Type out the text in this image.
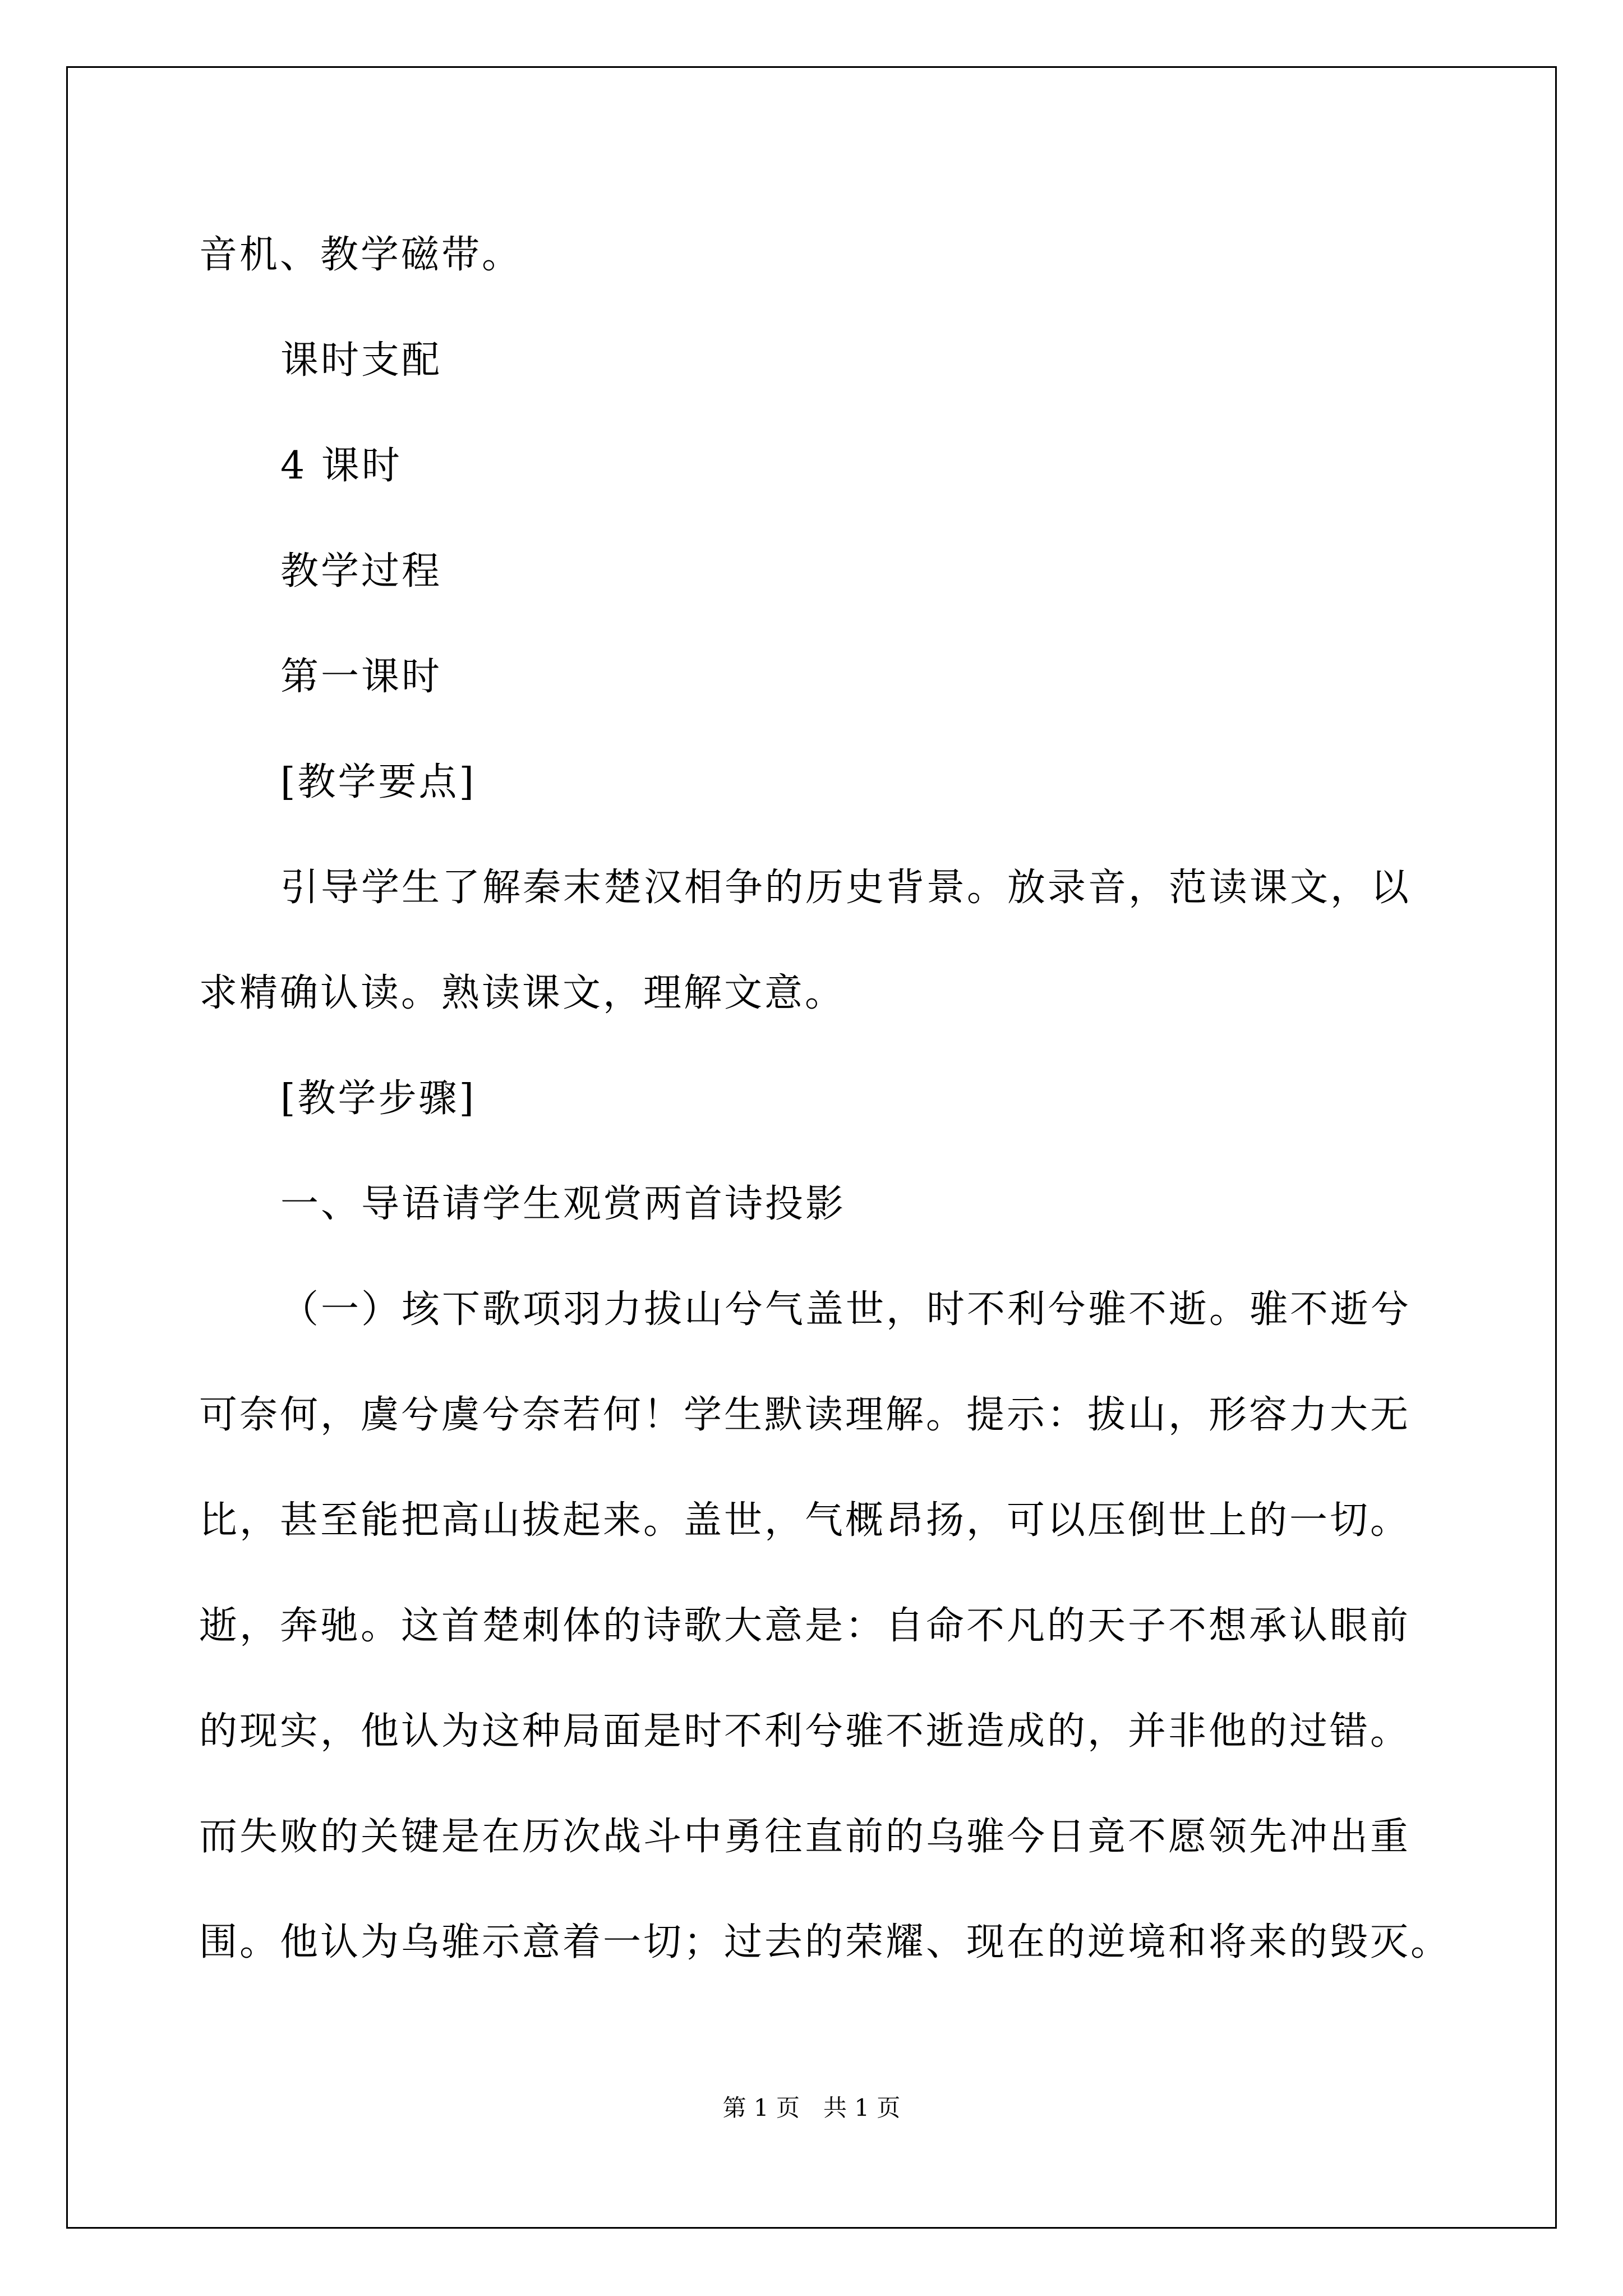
音机、教学磁带。

课时支配

4 课时

教学过程

第一课时

[教学要点]

引导学生了解秦末楚汉相争的历史背景。放录音，范读课文，以

求精确认读。熟读课文，理解文意。

[教学步骤]

一、导语请学生观赏两首诗投影

（一）垓下歌项羽力拔山兮气盖世，时不利兮骓不逝。骓不逝兮

可奈何，虞兮虞兮奈若何！学生默读理解。提示：拔山，形容力大无

比，甚至能把高山拔起来。盖世，气概昂扬，可以压倒世上的一切。

逝，奔驰。这首楚刺体的诗歌大意是：自命不凡的天子不想承认眼前

的现实，他认为这种局面是时不利兮骓不逝造成的，并非他的过错。

而失败的关键是在历次战斗中勇往直前的乌骓今日竟不愿领先冲出重

围。他认为乌骓示意着一切；过去的荣耀、现在的逆境和将来的毁灭。

第 1 页　共 1 页
